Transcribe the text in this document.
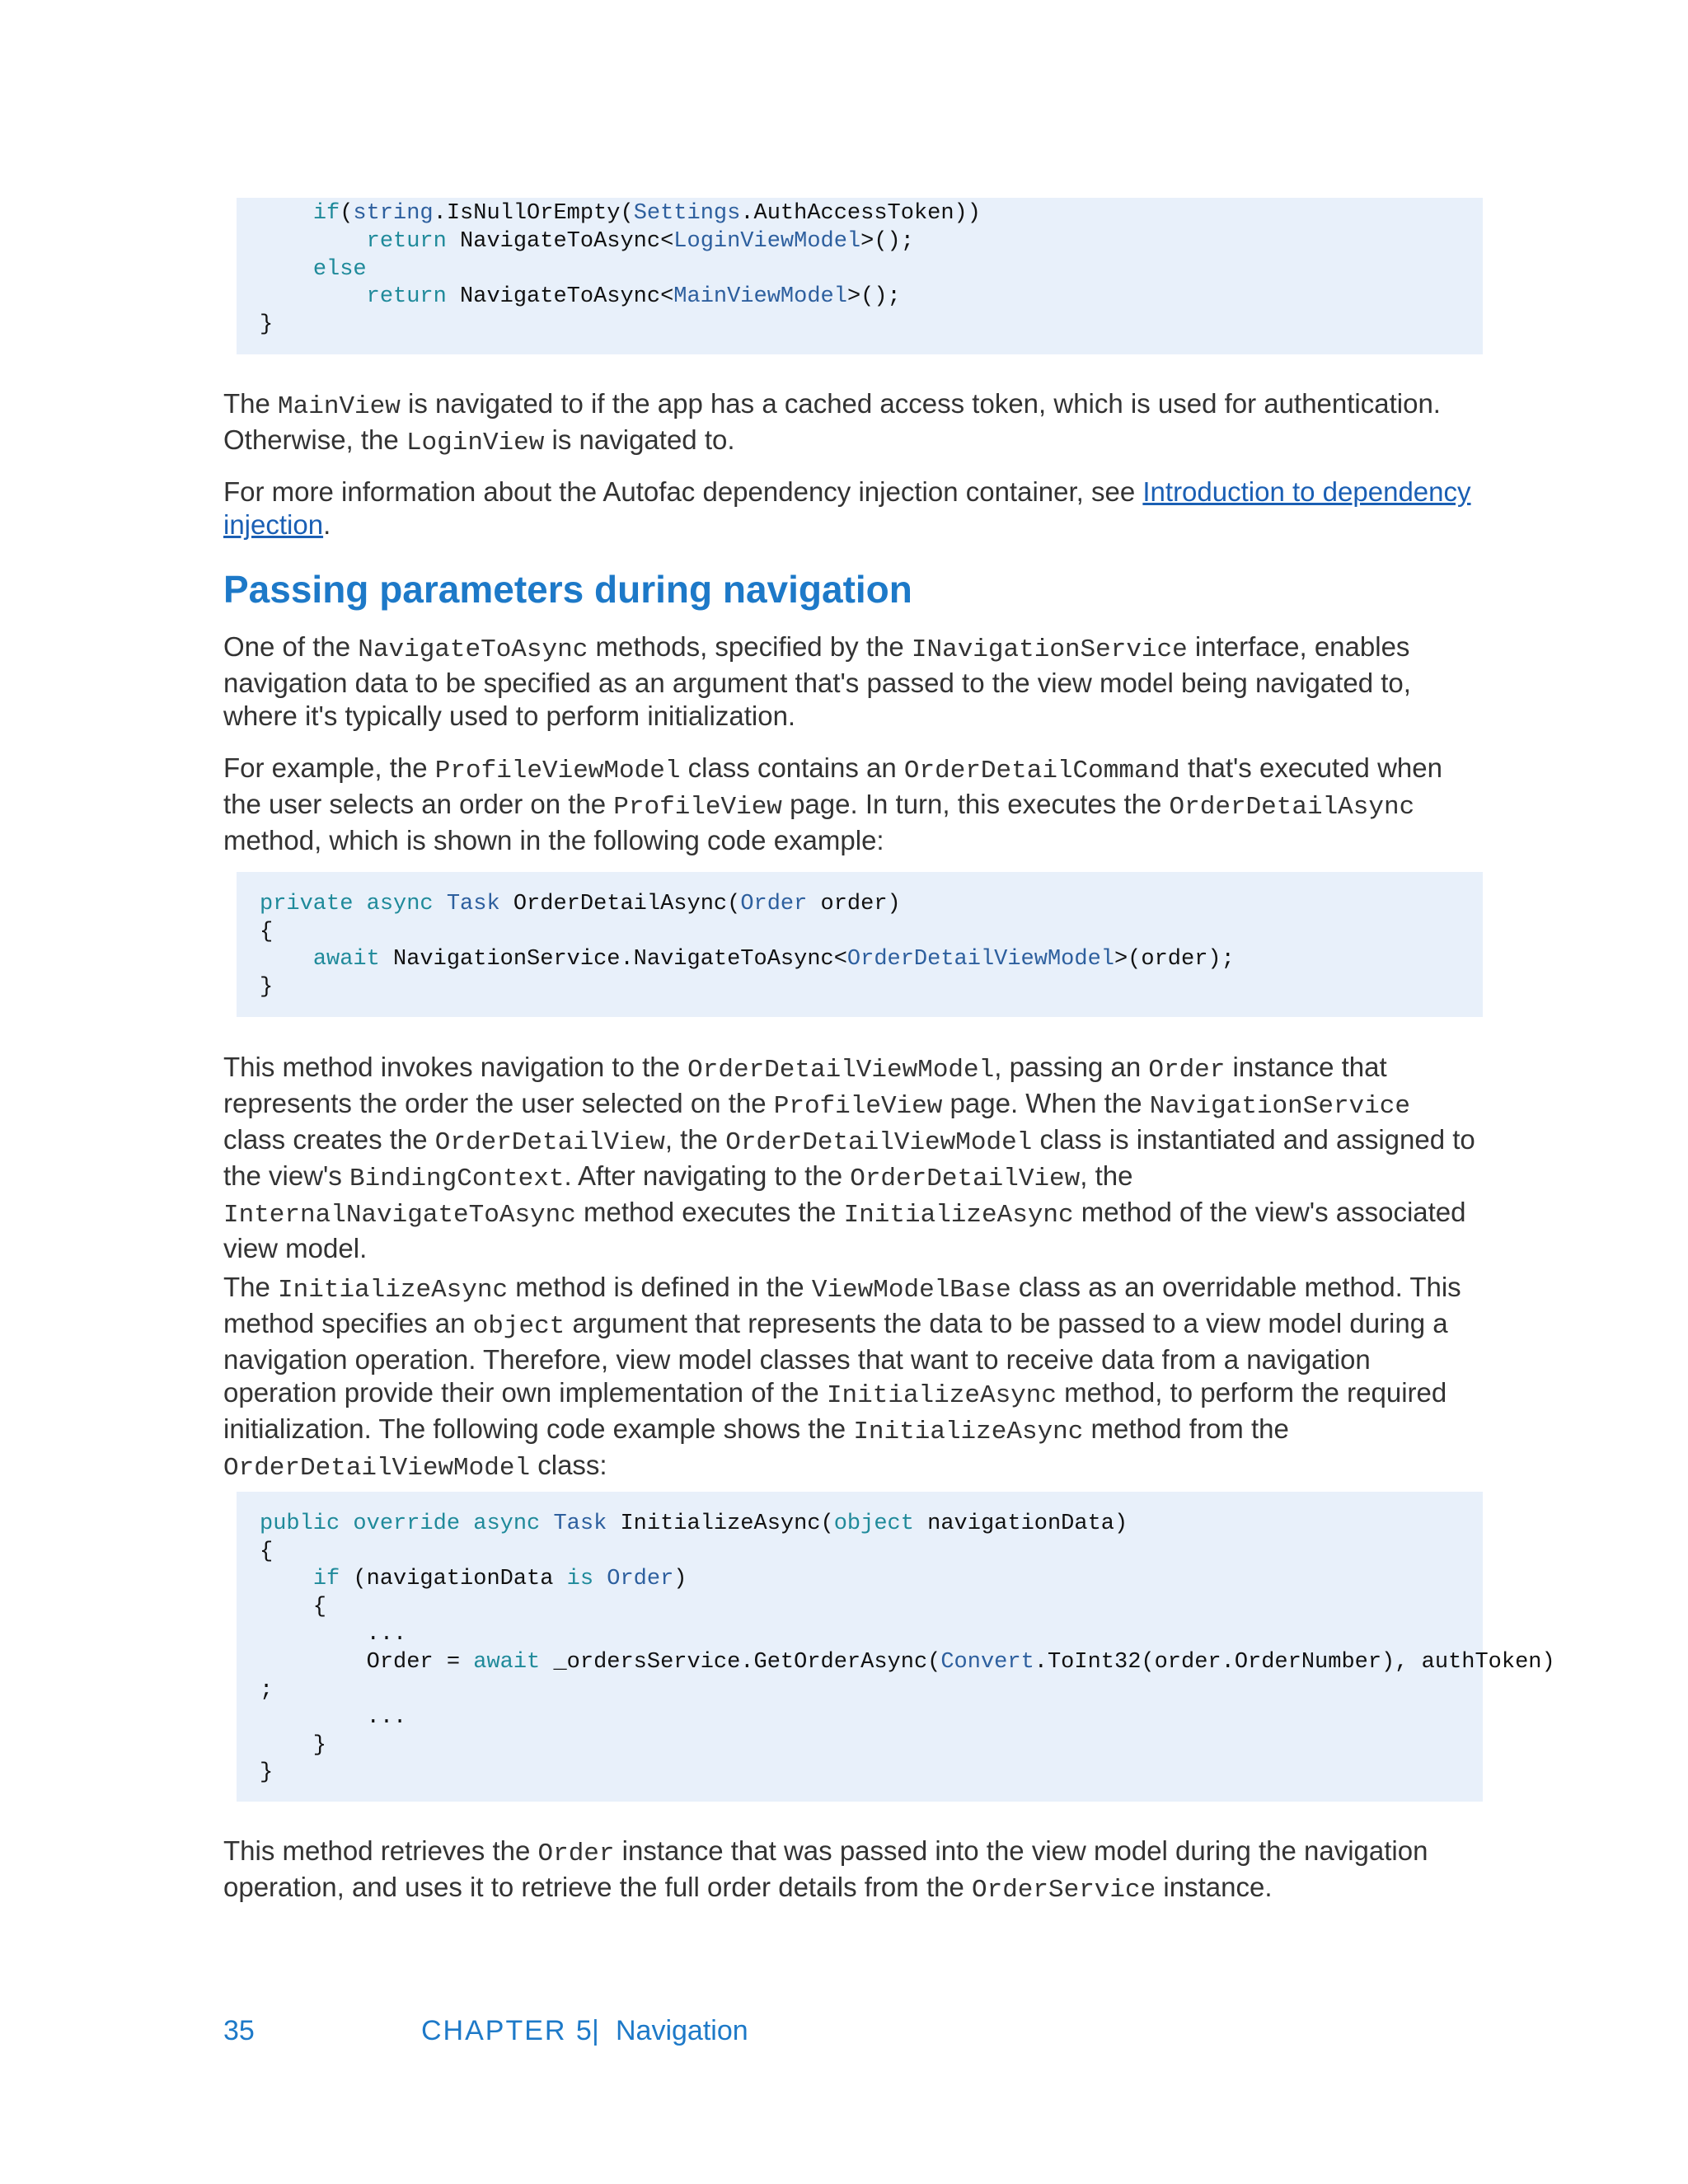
if(string.IsNullOrEmpty(Settings.AuthAccessToken))
return NavigateToAsync<LoginViewModel>();
else
return NavigateToAsync<MainViewModel>();
}

The MainView is navigated to if the app has a cached access token, which is used for authentication. Otherwise, the LoginView is navigated to.

For more information about the Autofac dependency injection container, see Introduction to dependency injection.

Passing parameters during navigation

One of the NavigateToAsync methods, specified by the INavigationService interface, enables navigation data to be specified as an argument that's passed to the view model being navigated to, where it's typically used to perform initialization.

For example, the ProfileViewModel class contains an OrderDetailCommand that's executed when the user selects an order on the ProfileView page. In turn, this executes the OrderDetailAsync method, which is shown in the following code example:

private async Task OrderDetailAsync(Order order)
{
await NavigationService.NavigateToAsync<OrderDetailViewModel>(order);
}

This method invokes navigation to the OrderDetailViewModel, passing an Order instance that represents the order the user selected on the ProfileView page. When the NavigationService class creates the OrderDetailView, the OrderDetailViewModel class is instantiated and assigned to the view's BindingContext. After navigating to the OrderDetailView, the InternalNavigateToAsync method executes the InitializeAsync method of the view's associated view model.

The InitializeAsync method is defined in the ViewModelBase class as an overridable method. This method specifies an object argument that represents the data to be passed to a view model during a navigation operation. Therefore, view model classes that want to receive data from a navigation operation provide their own implementation of the InitializeAsync method, to perform the required initialization. The following code example shows the InitializeAsync method from the OrderDetailViewModel class:

public override async Task InitializeAsync(object navigationData)
{
if (navigationData is Order)
{
...
Order = await _ordersService.GetOrderAsync(Convert.ToInt32(order.OrderNumber), authToken)
;
...
}
}

This method retrieves the Order instance that was passed into the view model during the navigation operation, and uses it to retrieve the full order details from the OrderService instance.

35	CHAPTER 5
| Navigation
